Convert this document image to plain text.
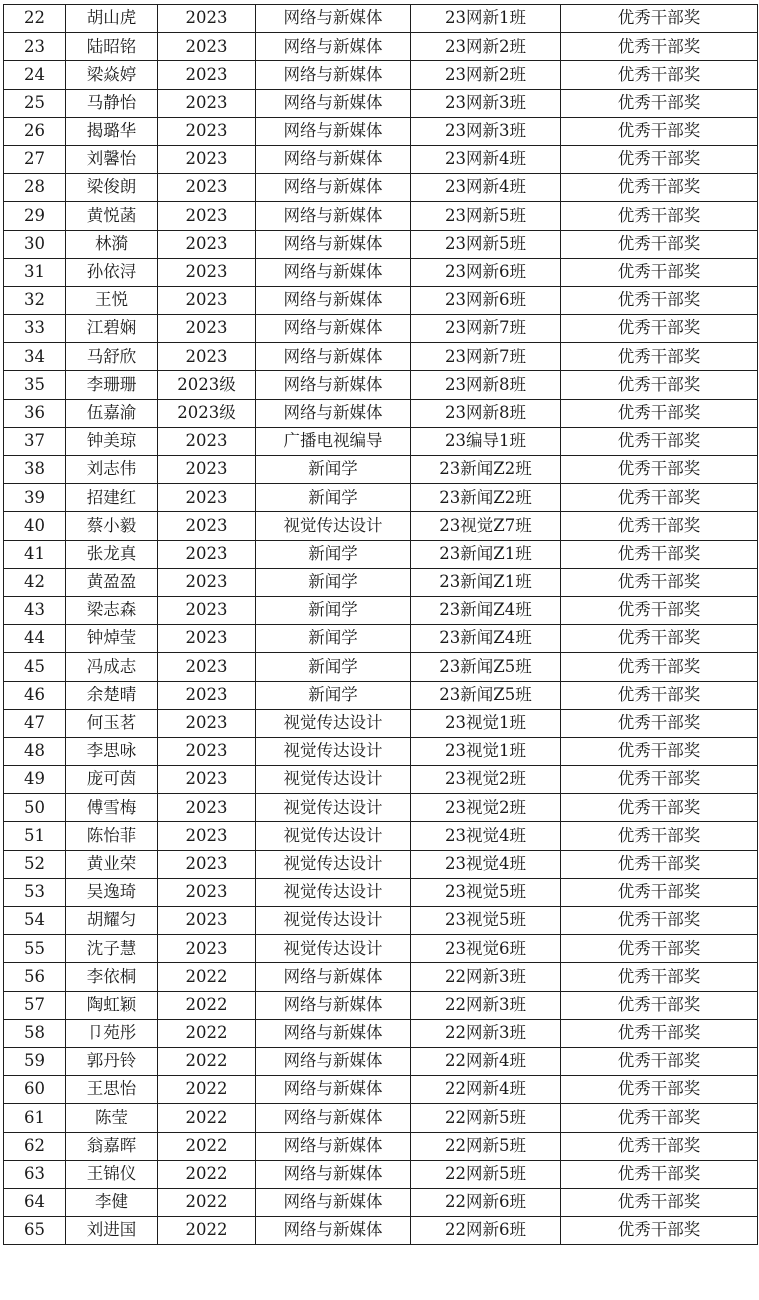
22	胡山虎	2023	网络与新媒体	23网新1班	优秀干部奖
23	陆昭铭	2023	网络与新媒体	23网新2班	优秀干部奖
24	梁焱婷	2023	网络与新媒体	23网新2班	优秀干部奖
25	马静怡	2023	网络与新媒体	23网新3班	优秀干部奖
26	揭璐华	2023	网络与新媒体	23网新3班	优秀干部奖
27	刘馨怡	2023	网络与新媒体	23网新4班	优秀干部奖
28	梁俊朗	2023	网络与新媒体	23网新4班	优秀干部奖
29	黄悦菡	2023	网络与新媒体	23网新5班	优秀干部奖
30	林漪	2023	网络与新媒体	23网新5班	优秀干部奖
31	孙依浔	2023	网络与新媒体	23网新6班	优秀干部奖
32	王悦	2023	网络与新媒体	23网新6班	优秀干部奖
33	江碧娴	2023	网络与新媒体	23网新7班	优秀干部奖
34	马舒欣	2023	网络与新媒体	23网新7班	优秀干部奖
35	李珊珊	2023级	网络与新媒体	23网新8班	优秀干部奖
36	伍嘉渝	2023级	网络与新媒体	23网新8班	优秀干部奖
37	钟美琼	2023	广播电视编导	23编导1班	优秀干部奖
38	刘志伟	2023	新闻学	23新闻Z2班	优秀干部奖
39	招建红	2023	新闻学	23新闻Z2班	优秀干部奖
40	蔡小毅	2023	视觉传达设计	23视觉Z7班	优秀干部奖
41	张龙真	2023	新闻学	23新闻Z1班	优秀干部奖
42	黄盈盈	2023	新闻学	23新闻Z1班	优秀干部奖
43	梁志森	2023	新闻学	23新闻Z4班	优秀干部奖
44	钟焯莹	2023	新闻学	23新闻Z4班	优秀干部奖
45	冯成志	2023	新闻学	23新闻Z5班	优秀干部奖
46	余楚晴	2023	新闻学	23新闻Z5班	优秀干部奖
47	何玉茗	2023	视觉传达设计	23视觉1班	优秀干部奖
48	李思咏	2023	视觉传达设计	23视觉1班	优秀干部奖
49	庞可茵	2023	视觉传达设计	23视觉2班	优秀干部奖
50	傅雪梅	2023	视觉传达设计	23视觉2班	优秀干部奖
51	陈怡菲	2023	视觉传达设计	23视觉4班	优秀干部奖
52	黄业荣	2023	视觉传达设计	23视觉4班	优秀干部奖
53	吴逸琦	2023	视觉传达设计	23视觉5班	优秀干部奖
54	胡耀匀	2023	视觉传达设计	23视觉5班	优秀干部奖
55	沈子慧	2023	视觉传达设计	23视觉6班	优秀干部奖
56	李依桐	2022	网络与新媒体	22网新3班	优秀干部奖
57	陶虹颖	2022	网络与新媒体	22网新3班	优秀干部奖
58	卩苑彤	2022	网络与新媒体	22网新3班	优秀干部奖
59	郭丹铃	2022	网络与新媒体	22网新4班	优秀干部奖
60	王思怡	2022	网络与新媒体	22网新4班	优秀干部奖
61	陈莹	2022	网络与新媒体	22网新5班	优秀干部奖
62	翁嘉晖	2022	网络与新媒体	22网新5班	优秀干部奖
63	王锦仪	2022	网络与新媒体	22网新5班	优秀干部奖
64	李健	2022	网络与新媒体	22网新6班	优秀干部奖
65	刘进国	2022	网络与新媒体	22网新6班	优秀干部奖
